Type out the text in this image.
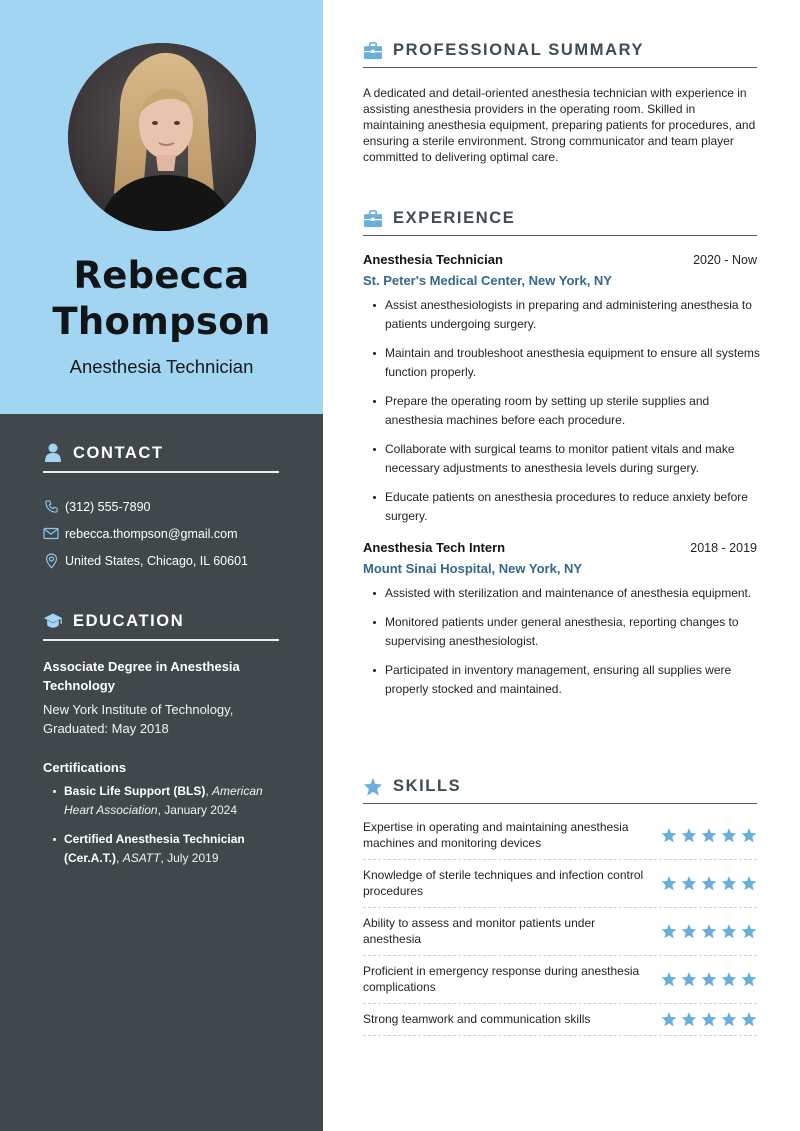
Rebecca
Thompson
Anesthesia Technician
CONTACT
(312) 555-7890
rebecca.thompson@gmail.com
United States, Chicago, IL 60601
EDUCATION
Associate Degree in Anesthesia Technology
New York Institute of Technology, Graduated: May 2018
Certifications
Basic Life Support (BLS), American Heart Association, January 2024
Certified Anesthesia Technician (Cer.A.T.), ASATT, July 2019
PROFESSIONAL SUMMARY

A dedicated and detail-oriented anesthesia technician with experience in assisting anesthesia providers in the operating room. Skilled in maintaining anesthesia equipment, preparing patients for procedures, and ensuring a sterile environment. Strong communicator and team player committed to delivering optimal care.

EXPERIENCE
Anesthesia Technician	2020 - Now
St. Peter's Medical Center, New York, NY
Assist anesthesiologists in preparing and administering anesthesia to patients undergoing surgery.
Maintain and troubleshoot anesthesia equipment to ensure all systems function properly.
Prepare the operating room by setting up sterile supplies and anesthesia machines before each procedure.
Collaborate with surgical teams to monitor patient vitals and make necessary adjustments to anesthesia levels during surgery.
Educate patients on anesthesia procedures to reduce anxiety before surgery.
Anesthesia Tech Intern	2018 - 2019
Mount Sinai Hospital, New York, NY
Assisted with sterilization and maintenance of anesthesia equipment.
Monitored patients under general anesthesia, reporting changes to supervising anesthesiologist.
Participated in inventory management, ensuring all supplies were properly stocked and maintained.
SKILLS
Expertise in operating and maintaining anesthesia machines and monitoring devices
Knowledge of sterile techniques and infection control procedures
Ability to assess and monitor patients under anesthesia
Proficient in emergency response during anesthesia complications
Strong teamwork and communication skills
